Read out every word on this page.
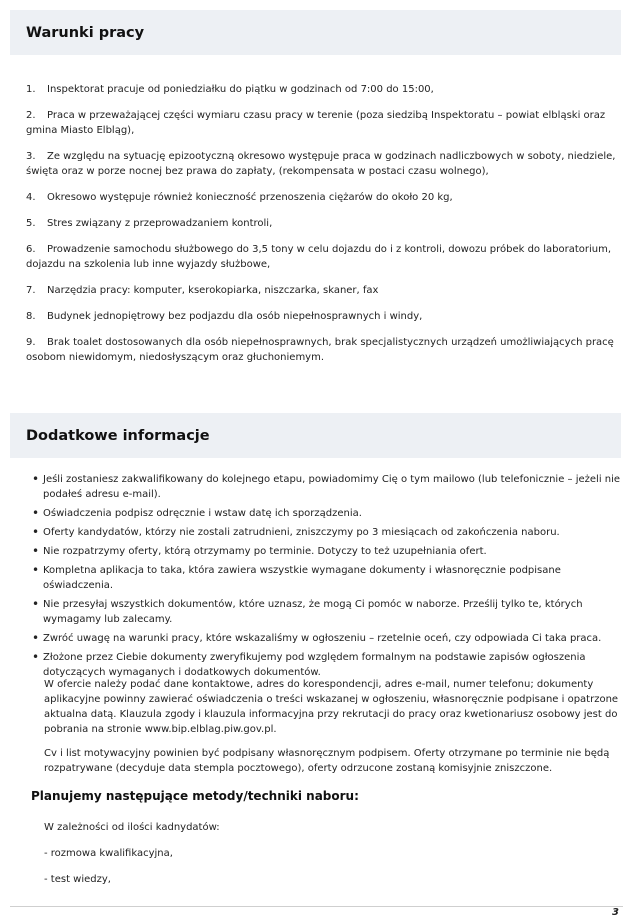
Warunki pracy
1. Inspektorat pracuje od poniedziałku do piątku w godzinach od 7:00 do 15:00,
2. Praca w przeważającej części wymiaru czasu pracy w terenie (poza siedzibą Inspektoratu – powiat elbląski oraz gmina Miasto Elbląg),
3. Ze względu na sytuację epizootyczną okresowo występuje praca w godzinach nadliczbowych w soboty, niedziele, święta oraz w porze nocnej bez prawa do zapłaty, (rekompensata w postaci czasu wolnego),
4. Okresowo występuje również konieczność przenoszenia ciężarów do około 20 kg,
5. Stres związany z przeprowadzaniem kontroli,
6. Prowadzenie samochodu służbowego do 3,5 tony w celu dojazdu do i z kontroli, dowozu próbek do laboratorium, dojazdu na szkolenia lub inne wyjazdy służbowe,
7. Narzędzia pracy: komputer, kserokopiarka, niszczarka, skaner, fax
8. Budynek jednopiętrowy bez podjazdu dla osób niepełnosprawnych i windy,
9. Brak toalet dostosowanych dla osób niepełnosprawnych, brak specjalistycznych urządzeń umożliwiających pracę osobom niewidomym, niedosłyszącym oraz głuchoniemym.
Dodatkowe informacje
• Jeśli zostaniesz zakwalifikowany do kolejnego etapu, powiadomimy Cię o tym mailowo (lub telefonicznie – jeżeli nie podałeś adresu e-mail).
• Oświadczenia podpisz odręcznie i wstaw datę ich sporządzenia.
• Oferty kandydatów, którzy nie zostali zatrudnieni, zniszczymy po 3 miesiącach od zakończenia naboru.
• Nie rozpatrzymy oferty, którą otrzymamy po terminie. Dotyczy to też uzupełniania ofert.
• Kompletna aplikacja to taka, która zawiera wszystkie wymagane dokumenty i własnoręcznie podpisane oświadczenia.
• Nie przesyłaj wszystkich dokumentów, które uznasz, że mogą Ci pomóc w naborze. Prześlij tylko te, których wymagamy lub zalecamy.
• Zwróć uwagę na warunki pracy, które wskazaliśmy w ogłoszeniu – rzetelnie oceń, czy odpowiada Ci taka praca.
• Złożone przez Ciebie dokumenty zweryfikujemy pod względem formalnym na podstawie zapisów ogłoszenia dotyczących wymaganych i dodatkowych dokumentów.

W ofercie należy podać dane kontaktowe, adres do korespondencji, adres e-mail, numer telefonu; dokumenty aplikacyjne powinny zawierać oświadczenia o treści wskazanej w ogłoszeniu, własnoręcznie podpisane i opatrzone aktualna datą. Klauzula zgody i klauzula informacyjna przy rekrutacji do pracy oraz kwetionariusz osobowy jest do pobrania na stronie www.bip.elblag.piw.gov.pl.

Cv i list motywacyjny powinien być podpisany własnoręcznym podpisem. Oferty otrzymane po terminie nie będą rozpatrywane (decyduje data stempla pocztowego), oferty odrzucone zostaną komisyjnie zniszczone.

Planujemy następujące metody/techniki naboru:

W zależności od ilości kadnydatów:

- rozmowa kwalifikacyjna,

- test wiedzy,

3
